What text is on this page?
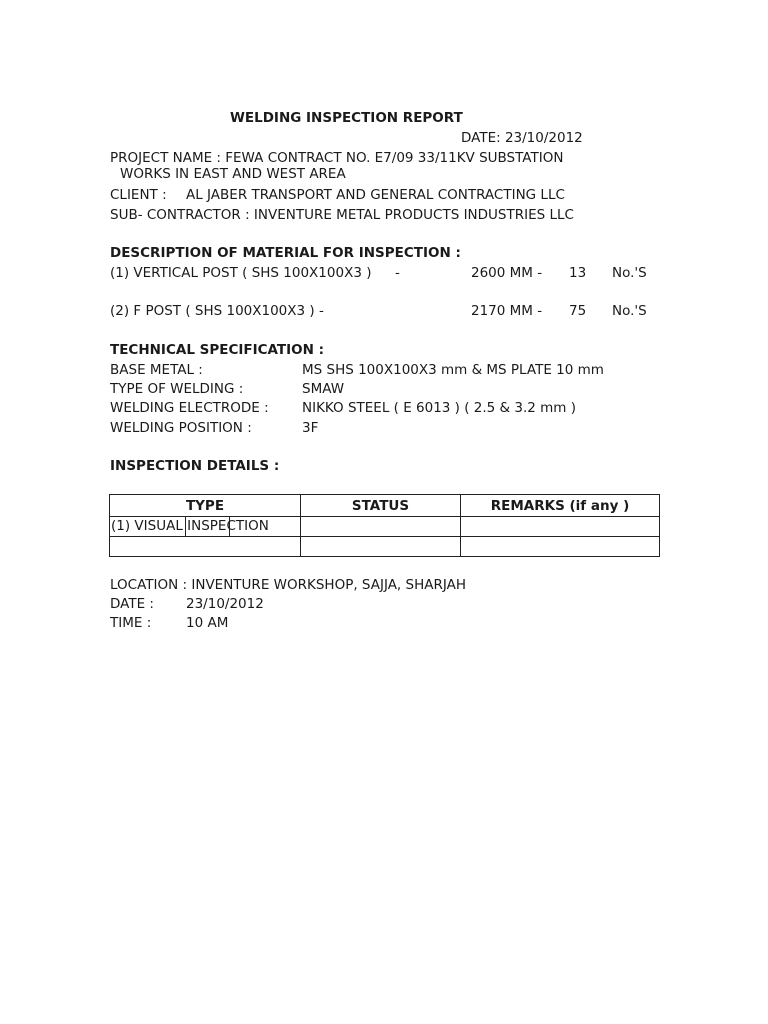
WELDING INSPECTION REPORT
DATE: 23/10/2012
PROJECT NAME : FEWA CONTRACT NO. E7/09 33/11KV SUBSTATION
WORKS IN EAST AND WEST AREA
CLIENT : AL JABER TRANSPORT AND GENERAL CONTRACTING LLC
SUB- CONTRACTOR : INVENTURE METAL PRODUCTS INDUSTRIES LLC
DESCRIPTION OF MATERIAL FOR INSPECTION :
(1) VERTICAL POST ( SHS 100X100X3 ) -	2600 MM - 13 No.'S
(2) F POST ( SHS 100X100X3 ) -	2170 MM - 75 No.'S
TECHNICAL SPECIFICATION :
BASE METAL :	MS SHS 100X100X3 mm & MS PLATE 10 mm
TYPE OF WELDING :	SMAW
WELDING ELECTRODE : NIKKO STEEL ( E 6013 ) ( 2.5 & 3.2 mm )
WELDING POSITION :	3F
INSPECTION DETAILS :
TYPE	STATUS	REMARKS (if any )

(1) VISUAL INSPECTION		

LOCATION : INVENTURE WORKSHOP, SAJJA, SHARJAH
DATE : 23/10/2012
TIME :	10 AM
